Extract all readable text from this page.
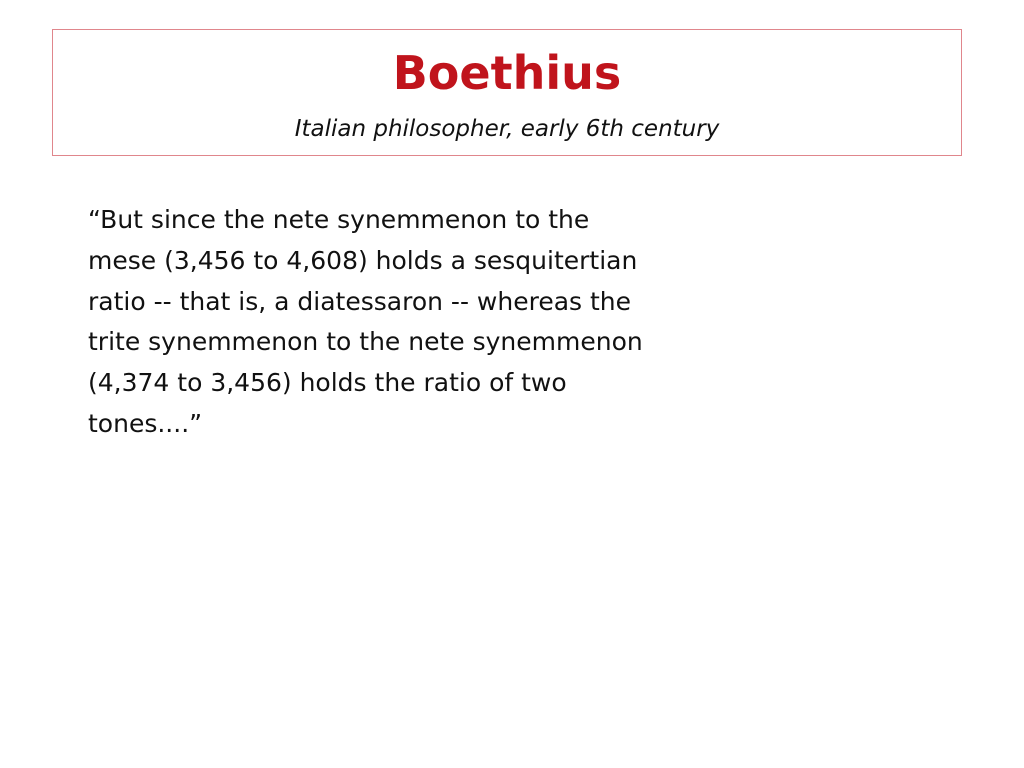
Boethius

Italian philosopher, early 6th century

“But since the nete synemmenon to the
mese (3,456 to 4,608) holds a sesquitertian
ratio -- that is, a diatessaron -- whereas the
trite synemmenon to the nete synemmenon
(4,374 to 3,456) holds the ratio of two
tones....”
